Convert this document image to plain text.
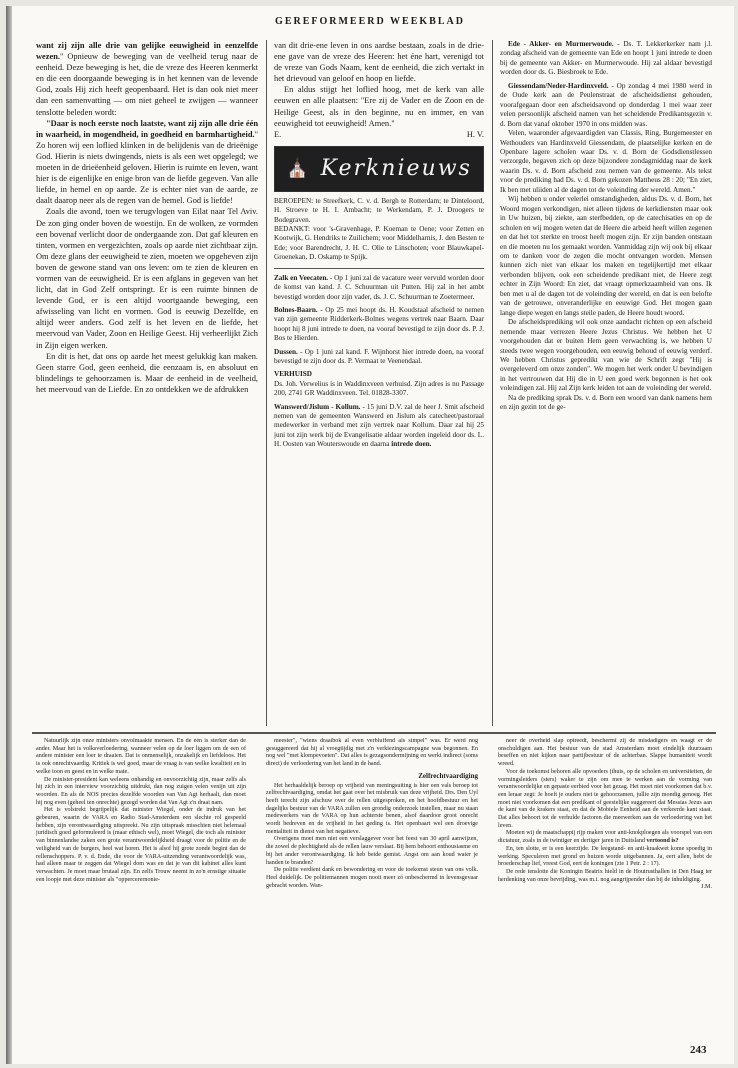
GEREFORMEERD WEEKBLAD

want zij zijn alle drie van gelijke eeuwigheid in eenzelfde wezen." Opnieuw de beweging van de veelheid terug naar de eenheid. Deze beweging is het, die de vreze des Heeren kenmerkt en die een doorgaande beweging is in het kennen van de levende God, zoals Hij zich heeft geopenbaard. Het is dan ook niet meer dan een samenvatting — om niet geheel te zwijgen — wanneer tenslotte beleden wordt:

"Daar is noch eerste noch laatste, want zij zijn alle drie één in waarheid, in mogendheid, in goedheid en barmhartigheid." Zo horen wij een loflied klinken in de belijdenis van de drieënige God. Hierin is niets dwingends, niets is als een wet opgelegd; we moeten in de drieëenheid geloven. Hierin is ruimte en leven, want hier is de eigenlijke en enige bron van de liefde gegeven. Van alle liefde, in hemel en op aarde. Ze is echter niet van de aarde, ze daalt daarop neer als de regen van de hemel. God is liefde!

Zoals die avond, toen we terugvlogen van Eilat naar Tel Aviv. De zon ging onder boven de woestijn. En de wolken, ze vormden een bovenaf verlicht door de ondergaande zon. Dat gaf kleuren en tinten, vormen en vergezichten, zoals op aarde niet zichtbaar zijn. Om deze glans der eeuwigheid te zien, moeten we opgeheven zijn boven de gewone stand van ons leven: om te zien de kleuren en vormen van de eeuwigheid. Er is een afglans in gegeven van het licht, dat in God Zelf ontspringt. Er is een ruimte binnen de levende God, er is een altijd voortgaande beweging, een afwisseling van licht en vormen. God is eeuwig Dezelfde, en altijd weer anders. God zelf is het leven en de liefde, het meervoud van Vader, Zoon en Heilige Geest. Hij verheerlijkt Zich in Zijn eigen werken.

En dit is het, dat ons op aarde het meest gelukkig kan maken. Geen starre God, geen eenheid, die eenzaam is, en absoluut en blindelings te gehoorzamen is. Maar de eenheid in de veelheid, het meervoud van de Liefde. En zo ontdekken we de afdrukken

van dit drie-ene leven in ons aardse bestaan, zoals in de drie-ene gave van de vreze des Heeren: het éne hart, verenigd tot de vreze van Gods Naam, kent de eenheid, die zich vertakt in het drievoud van geloof en hoop en liefde.

En aldus stijgt het loflied hoog, met de kerk van alle eeuwen en alle plaatsen: "Ere zij de Vader en de Zoon en de Heilige Geest, als in den beginne, nu en immer, en van eeuwigheid tot eeuwigheid! Amen."

E.	H. V.
⛪ Kerknieuws

BEROEPEN: te Streefkerk, C. v. d. Bergh te Rotterdam; te Dinteloord, H. Stroeve te H. I. Ambacht; te Werkendam, P. J. Droogers te Bodegraven.

BEDANKT: voor 's-Gravenhage, P. Koeman te Oene; voor Zetten en Kootwijk, G. Hendriks te Zuilichem; voor Middelharnis, J. den Besten te Ede; voor Barendrecht, J. H. C. Olie te Linschoten; voor Blauwkapel-Groenekan, D. Oskamp te Spijk.

Zalk en Veecaten. - Op 1 juni zal de vacature weer vervuld worden door de komst van kand. J. C. Schuurman uit Putten. Hij zal in het ambt bevestigd worden door zijn vader, ds. J. C. Schuurman te Zoetermeer.

Bolnes-Baarn. - Op 25 mei hoopt ds. H. Koudstaal afscheid te nemen van zijn gemeente Ridderkerk-Bolnes wegens vertrek naar Baarn. Daar hoopt hij 8 juni intrede te doen, na vooraf bevestigd te zijn door ds. P. J. Bos te Hierden.

Dussen. - Op 1 juni zal kand. F. Wijnhorst hier intrede doen, na vooraf bevestigd te zijn door ds. P. Vermaat te Veenendaal.

VERHUISD

Ds. Joh. Verwelius is in Waddinxveen verhuisd. Zijn adres is nu Passage 200, 2741 GR Waddinxveen. Tel. 01828-3307.

Wanswerd/Jislum - Kollum. - 15 juni D.V. zal de heer J. Smit afscheid nemen van de gemeenten Wanswerd en Jislum als catecheet/pastoraal medewerker in verband met zijn vertrek naar Kollum. Daar zal hij 25 juni tot zijn werk bij de Evangelisatie aldaar worden ingeleid door ds. L. H. Oosten van Wouterswoude en daarna intrede doen.

Ede - Akker- en Murmerwoude. - Ds. T. Lekkerkerker nam j.l. zondag afscheid van de gemeente van Ede en hoopt 1 juni intrede te doen bij de gemeente van Akker- en Murmerwoude. Hij zal aldaar bevestigd worden door ds. G. Biesbroek te Ede.

Giessendam/Neder-Hardinxveld. - Op zondag 4 mei 1980 werd in de Oude kerk aan de Peulenstraat de afscheidsdienst gehouden, voorafgegaan door een afscheidsavond op donderdag 1 mei waar zeer velen persoonlijk afscheid namen van het scheidende Predikantsgezin v. d. Born dat vanaf oktober 1970 in ons midden was.

Velen, waaronder afgevaardigden van Classis, Ring, Burgemeester en Wethouders van Hardinxveld Giessendam, de plaatselijke kerken en de Openbare lagere scholen waar Ds. v. d. Born de Godsdienstlessen verzorgde, begaven zich op deze bijzondere zondagmiddag naar de kerk waarin Ds. v. d. Born afscheid zou nemen van de gemeente. Als tekst voor de prediking had Ds. v. d. Born gekozen Mattheus 28 : 20; "En ziet, Ik ben met uliiden al de dagen tot de voleinding der wereld. Amen."

Wij hebben u onder velerlei omstandigheden, aldus Ds. v. d. Born, het Woord mogen verkondigen, niet alleen tijdens de kerkdiensten maar ook in Uw huizen, bij ziekte, aan sterfbedden, op de catechisaties en op de scholen en wij mogen weten dat de Heere die arbeid heeft willen zegenen en dat het tot sterkte en troost heeft mogen zijn. Er zijn banden ontstaan en die moeten nu los gemaakt worden. Vanmiddag zijn wij ook bij elkaar om te danken voor de zegen die mocht ontvangen worden. Mensen kunnen zich niet van elkaar los maken en tegelijkertijd met elkaar verbonden blijven, ook een scheidende predikant niet, de Heere zegt echter in Zijn Woord: En ziet, dat vraagt opmerkzaamheid van ons. Ik ben met u al de dagen tot de voleinding der wereld, en dat is een belofte van de getrouwe, onveranderlijke en eeuwige God. Het mogen gaan lange diepe wegen en langs steile paden, de Heere houdt woord.

De afscheidsprediking wil ook onze aandacht richten op een afscheid nemende maar verrezen Heere Jezus Christus. We hebben het U voorgehouden dat er buiten Hem geen verwachting is, we hebben U steeds twee wegen voorgehouden, een eeuwig behoud of eeuwig verderf. We hebben Christus gepredikt van wie de Schrift zegt "Hij is overgeleverd om onze zonden". We mogen het werk onder U bevindigen in het vertrouwen dat Hij die in U een goed werk begonnen is het ook voleindigen zal. Hij zal Zijn kerk leiden tot aan de voleinding der wereld.

Na de prediking sprak Ds. v. d. Born een woord van dank namens hem en zijn gezin tot de ge-

Natuurlijk zijn onze ministers onvolmaakte mensen. En de één is sterker dan de ander. Maar het is volksverloedering, wanneer velen op de loer liggen om de een of andere minister een loer te draaien. Dat is onmenselijk, onzakelijk en liefdeloos. Het is ook onrechtvaardig. Kritiek is wel goed, maar de vraag is van welke kwaliteit en in welke toon en geest en in welke mate.

De minister-president kan weleens onhandig en onvoorzichtig zijn, maar zelfs als hij zich in een interview voorzichtig uitdrukt, dan nog zuigen velen venijn uit zijn woorden. En als de NOS precies dezelfde woorden van Van Agt herhaalt, dan moet hij nog even (geheel ten onrechte) gezegd worden dat Van Agt z'n draai nam.

Het is volstrekt begrijpelijk dat minister Wiegel, onder de indruk van het gebeuren, waarin de VARA en Radio Stad-Amsterdam een slechte rol gespeeld hebben, zijn verontwaardiging uitspreekt. Nu zijn uitspraak misschien niet helemaal juridisch goed geformuleerd is (maar ethisch wel), moet Wiegel, die toch als minister van binnenlandse zaken een grote verantwoordelijkheid draagt voor de politie en de veiligheid van de burgers, heel wat horen. Het is alsof hij grote zonde begint dan de rellenschoppers. P. v. d. Ende, die voor de VARA-uitzending verantwoordelijk was, had alleen maar te zeggen dat Wiegel dom was en dat je van dit kabinet alles kunt verwachten. Je moet maar brutaal zijn. En zelfs Trouw neemt in zo'n ernstige situatie een loopje met deze minister als "oppercerernonie-

meester", "wiens draaibok al even verbluffend als simpel" was. Er werd nog gesuggereerd dat hij al vroegtijdig met z'n verkiezingscampagne was begonnen. En nog wel "met klompevoeten". Dat alles is gezagsondermijning en werkt indirect (soms direct) de verloedering van het land in de hand.

Zelfrechtvaardiging

Het herhaaldelijk beroep op vrijheid van meningsuiting is hier een vals beroep tot zelfrechtvaardiging, omdat het gaat over het misbruik van deze vrijheid. Drs. Den Uyl heeft terecht zijn afschuw over de rellen uitgesproken, en het hoofdbestuur en het dagelijks bestuur van de VARA zullen een grondig onderzoek instellen, maar nu staan medewerkers van de VARA op hun achterste benen, alsof daardoor groot onrecht wordt bedreven en de vrijheid in het geding is. Het openbaart wel een droevige mentaliteit in dienst van het negatieve.

Overigens moet men niet een verslaggever voor het feest van 30 april aanwijzen, die zowel de plechtigheid als de rellen lauw verslaat. Bij hem behoort enthousiasme en bij het ander verontwaardiging. Ik heb beide gemist. Angst om aan koud water je handen te branden?

De politie verdient dank en bewondering en voor de toekomst steun van ons volk. Heel duidelijk. De politiemannen mogen nooit meer zó onbeschermd in levensgevaar gebracht worden. Wan-

neer de overheid slap optreedt, beschermt zij de misdadigers en waagt er de onschuldigen aan. Het bestuur van de stad Amsterdam moet eindelijk duurzaam beseffen en niet kijken naar partijbestuur of de achterban. Slappe humaniteit wordt wreed.

Voor de toekomst behoren alle opvoeders (thuis, op de scholen en universiteiten, de vormingsleiders (sters) waker te zijn om mee te werken aan de vorming van verantwoordelijke en gepaste eerbied voor het gezag. Het moet niet voorkomen dat b.v. een leraar zegt: Je hoeft je ouders niet te gehoorzamen, jullie zijn mondig genoeg. Het moet niet voorkomen dat een predikant of geestelijke suggereert dat Messias Jezus aan de kant van de krakers staat, en dat de Mobiele Eenheid aan de verkeerde kant staat. Dat alles behoort tot de verhulde factoren die meewerken aan de verloedering van het leven.

Moeten wij de maatschappij rijp maken voor anti-knokploegen als voorspel van een dictatuur, zoals in de twintiger en dertiger jaren in Duitsland vertoond is?

En, ten slotte, er is een keerzijde. De leegstand- en anti-kraakwet kome spoedig in werking. Speculeren met grond en huizen worde uitgebannen. Ja, eert allen, hebt de broederschap lief, vreest God, eert de koningen (zie 1 Petr. 2 : 17).

De rede tenslotte die Koningin Beatrix hield in de Houtrusthallen in Den Haag ter herdenking van onze bevrijding, was m.i. nog aangrijpender dan bij de inhuldiging.

J.M.
243
